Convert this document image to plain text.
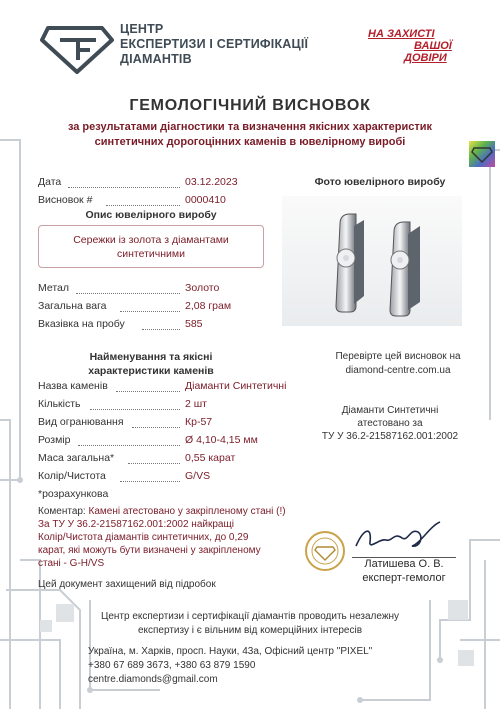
ЦЕНТР
ЕКСПЕРТИЗИ І СЕРТИФІКАЦІЇ
ДІАМАНТІВ
НА ЗАХИСТІ
ВАШОЇ
ДОВІРИ
ГЕМОЛОГІЧНИЙ ВИСНОВОК
за результатами діагностики та визначення якісних характеристик
синтетичних дорогоцінних каменів в ювелірному виробі
Дата	03.12.2023
Висновок #	0000410
Опис ювелірного виробу
Сережки із золота з діамантами
синтетичними
Фото ювелірного виробу
Метал	Золото
Загальна вага	2,08 грам
Вказівка на пробу	585
Найменування та якісні
характеристики каменів
Назва каменів	Діаманти Синтетичні
Кількість	2 шт
Вид огранювання	Кр-57
Розмір	Ø 4,10-4,15 мм
Маса загальна*	0,55 карат
Колір/Чистота	G/VS
*розрахункова
Перевірте цей висновок на
diamond-centre.com.ua
Діаманти Синтетичні
атестовано за
ТУ У 36.2-21587162.001:2002
Коментар: Камені атестовано у закріпленому стані (!)
За ТУ У 36.2-21587162.001:2002 найкращі
Колір/Чистота діамантів синтетичних, до 0,29
карат, які можуть бути визначені у закріпленому
стані - G-H/VS
Цей документ захищений від підробок
Латишева О. В.
експерт-гемолог
Центр експертизи і сертифікації діамантів проводить незалежну
експертизу і є вільним від комерційних інтересів
Україна, м. Харків, просп. Науки, 43а, Офісний центр "PIXEL"
+380 67 689 3673, +380 63 879 1590
centre.diamonds@gmail.com
